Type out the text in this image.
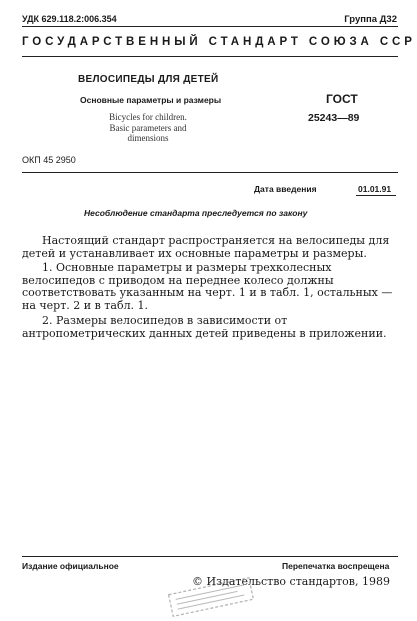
УДК 629.118.2:006.354	Группа Д32
ГОСУДАРСТВЕННЫЙ СТАНДАРТ СОЮЗА ССР
ВЕЛОСИПЕДЫ ДЛЯ ДЕТЕЙ
Основные параметры и размеры
Bicycles for children.
Basic parameters and
dimensions
ГОСТ
25243—89
ОКП 45 2950
Дата введения	01.01.91
Несоблюдение стандарта преследуется по закону
Настоящий стандарт распространяется на велосипеды для детей и устанавливает их основные параметры и размеры.
1. Основные параметры и размеры трехколесных велосипедов с приводом на переднее колесо должны соответствовать указанным на черт. 1 и в табл. 1, остальных — на черт. 2 и в табл. 1.
2. Размеры велосипедов в зависимости от антропометрических данных детей приведены в приложении.
Издание официальное	Перепечатка воспрещена
© Издательство стандартов, 1989
